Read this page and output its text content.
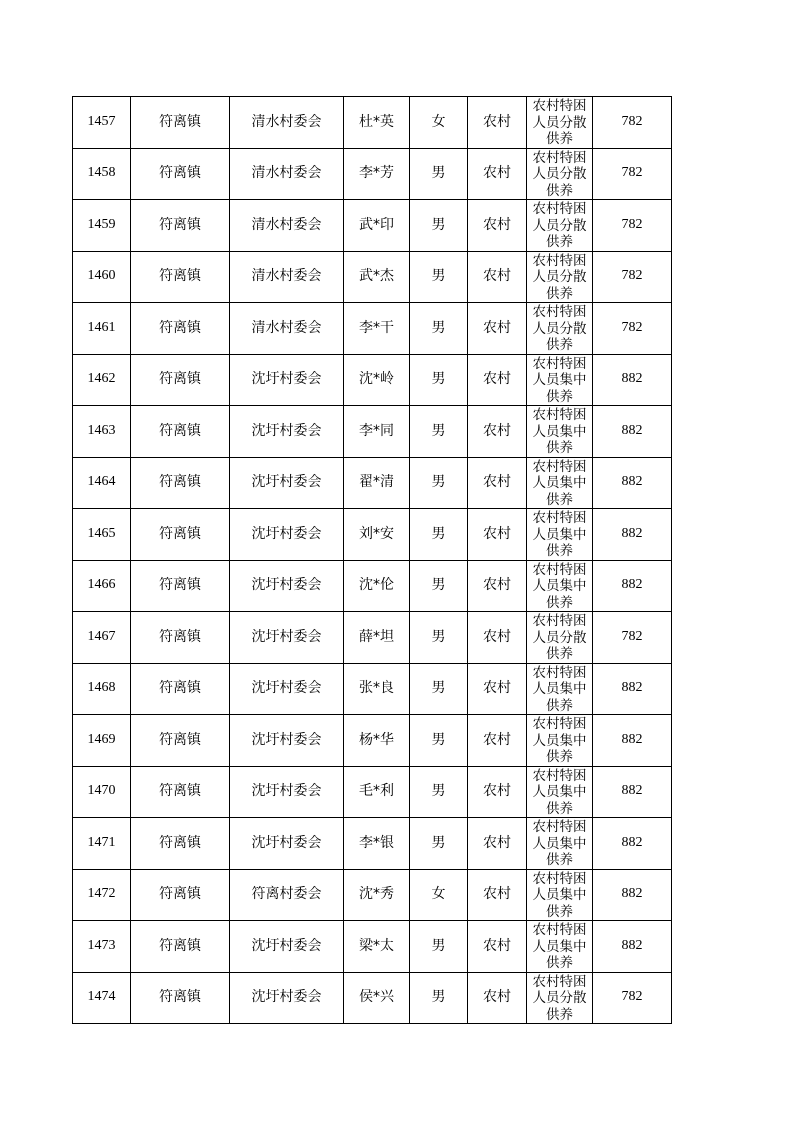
1457	符离镇	清水村委会	杜*英	女	农村	农村特困人员分散供养	782
1458	符离镇	清水村委会	李*芳	男	农村	农村特困人员分散供养	782
1459	符离镇	清水村委会	武*印	男	农村	农村特困人员分散供养	782
1460	符离镇	清水村委会	武*杰	男	农村	农村特困人员分散供养	782
1461	符离镇	清水村委会	李*干	男	农村	农村特困人员分散供养	782
1462	符离镇	沈圩村委会	沈*岭	男	农村	农村特困人员集中供养	882
1463	符离镇	沈圩村委会	李*同	男	农村	农村特困人员集中供养	882
1464	符离镇	沈圩村委会	翟*清	男	农村	农村特困人员集中供养	882
1465	符离镇	沈圩村委会	刘*安	男	农村	农村特困人员集中供养	882
1466	符离镇	沈圩村委会	沈*伦	男	农村	农村特困人员集中供养	882
1467	符离镇	沈圩村委会	薛*坦	男	农村	农村特困人员分散供养	782
1468	符离镇	沈圩村委会	张*良	男	农村	农村特困人员集中供养	882
1469	符离镇	沈圩村委会	杨*华	男	农村	农村特困人员集中供养	882
1470	符离镇	沈圩村委会	毛*利	男	农村	农村特困人员集中供养	882
1471	符离镇	沈圩村委会	李*银	男	农村	农村特困人员集中供养	882
1472	符离镇	符离村委会	沈*秀	女	农村	农村特困人员集中供养	882
1473	符离镇	沈圩村委会	梁*太	男	农村	农村特困人员集中供养	882
1474	符离镇	沈圩村委会	侯*兴	男	农村	农村特困人员分散供养	782
